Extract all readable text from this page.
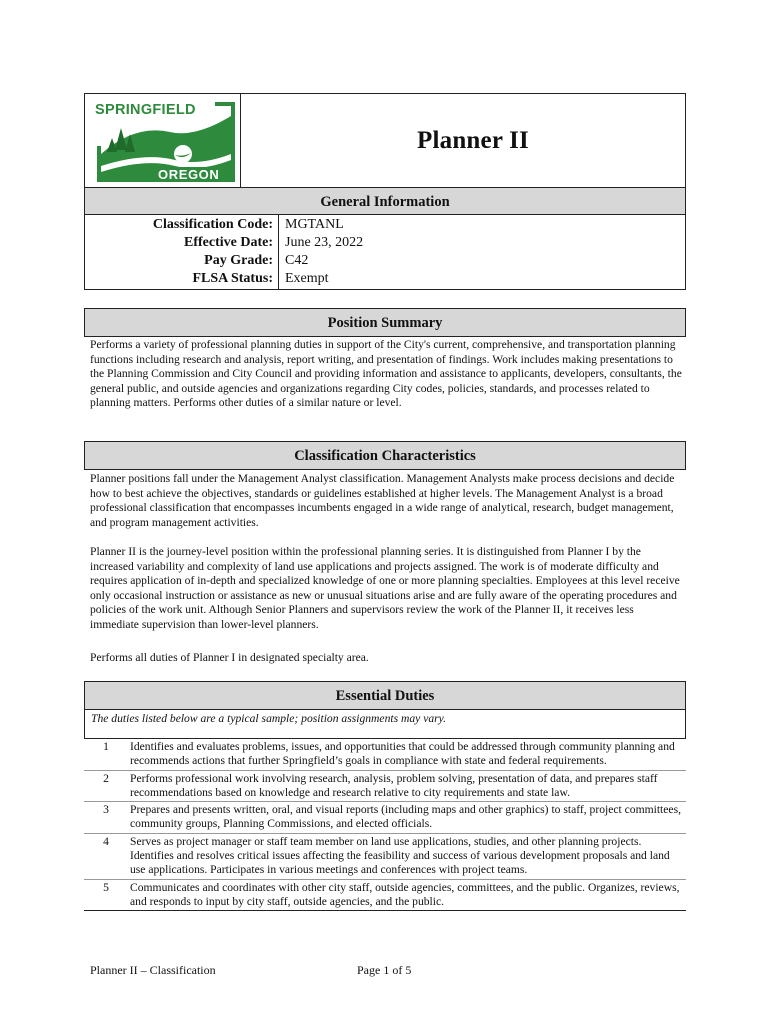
SPRINGFIELD
OREGON
Planner II
General Information
Classification Code: MGTANL
Effective Date: June 23, 2022
Pay Grade: C42
FLSA Status: Exempt
Position Summary

Performs a variety of professional planning duties in support of the City's current, comprehensive, and transportation planning functions including research and analysis, report writing, and presentation of findings. Work includes making presentations to the Planning Commission and City Council and providing information and assistance to applicants, developers, consultants, the general public, and outside agencies and organizations regarding City codes, policies, standards, and processes related to planning matters. Performs other duties of a similar nature or level.

Classification Characteristics

Planner positions fall under the Management Analyst classification. Management Analysts make process decisions and decide how to best achieve the objectives, standards or guidelines established at higher levels. The Management Analyst is a broad professional classification that encompasses incumbents engaged in a wide range of analytical, research, budget management, and program management activities.

Planner II is the journey-level position within the professional planning series. It is distinguished from Planner I by the increased variability and complexity of land use applications and projects assigned. The work is of moderate difficulty and requires application of in-depth and specialized knowledge of one or more planning specialties. Employees at this level receive only occasional instruction or assistance as new or unusual situations arise and are fully aware of the operating procedures and policies of the work unit. Although Senior Planners and supervisors review the work of the Planner II, it receives less immediate supervision than lower-level planners.

Performs all duties of Planner I in designated specialty area.

Essential Duties
The duties listed below are a typical sample; position assignments may vary.
1	Identifies and evaluates problems, issues, and opportunities that could be addressed through community planning and recommends actions that further Springfield’s goals in compliance with state and federal requirements.
2	Performs professional work involving research, analysis, problem solving, presentation of data, and prepares staff recommendations based on knowledge and research relative to city requirements and state law.
3	Prepares and presents written, oral, and visual reports (including maps and other graphics) to staff, project committees, community groups, Planning Commissions, and elected officials.
4	Serves as project manager or staff team member on land use applications, studies, and other planning projects. Identifies and resolves critical issues affecting the feasibility and success of various development proposals and land use applications. Participates in various meetings and conferences with project teams.
5	Communicates and coordinates with other city staff, outside agencies, committees, and the public. Organizes, reviews, and responds to input by city staff, outside agencies, and the public.
Planner II – Classification	Page 1 of 5
